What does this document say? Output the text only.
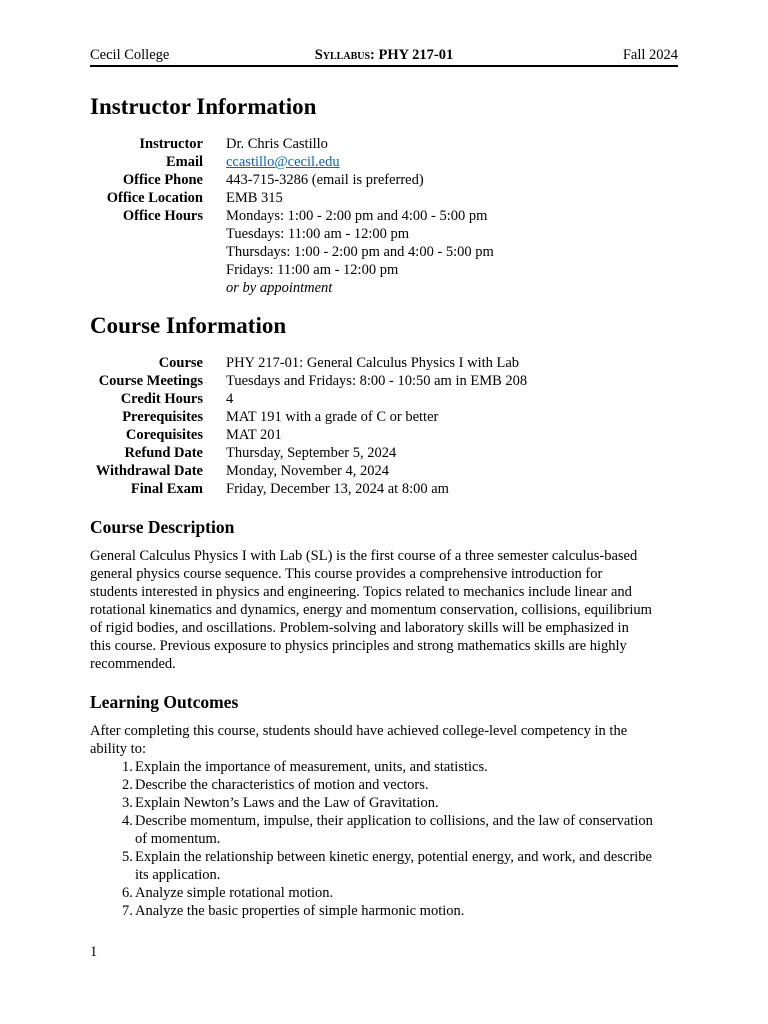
Cecil College	Syllabus: PHY 217-01	Fall 2024
Instructor Information
Instructor Dr. Chris Castillo
Email ccastillo@cecil.edu
Office Phone 443-715-3286 (email is preferred)
Office Location EMB 315
Office Hours Mondays: 1:00 - 2:00 pm and 4:00 - 5:00 pm
Tuesdays: 11:00 am - 12:00 pm
Thursdays: 1:00 - 2:00 pm and 4:00 - 5:00 pm
Fridays: 11:00 am - 12:00 pm
or by appointment
Course Information
Course PHY 217-01: General Calculus Physics I with Lab
Course Meetings Tuesdays and Fridays: 8:00 - 10:50 am in EMB 208
Credit Hours 4
Prerequisites MAT 191 with a grade of C or better
Corequisites MAT 201
Refund Date Thursday, September 5, 2024
Withdrawal Date Monday, November 4, 2024
Final Exam Friday, December 13, 2024 at 8:00 am
Course Description
General Calculus Physics I with Lab (SL) is the first course of a three semester calculus-based
general physics course sequence. This course provides a comprehensive introduction for
students interested in physics and engineering. Topics related to mechanics include linear and
rotational kinematics and dynamics, energy and momentum conservation, collisions, equilibrium
of rigid bodies, and oscillations. Problem-solving and laboratory skills will be emphasized in
this course. Previous exposure to physics principles and strong mathematics skills are highly
recommended.
Learning Outcomes
After completing this course, students should have achieved college-level competency in the
ability to:
1. Explain the importance of measurement, units, and statistics.
2. Describe the characteristics of motion and vectors.
3. Explain Newton’s Laws and the Law of Gravitation.
4. Describe momentum, impulse, their application to collisions, and the law of conservation
of momentum.
5. Explain the relationship between kinetic energy, potential energy, and work, and describe
its application.
6. Analyze simple rotational motion.
7. Analyze the basic properties of simple harmonic motion.
1
